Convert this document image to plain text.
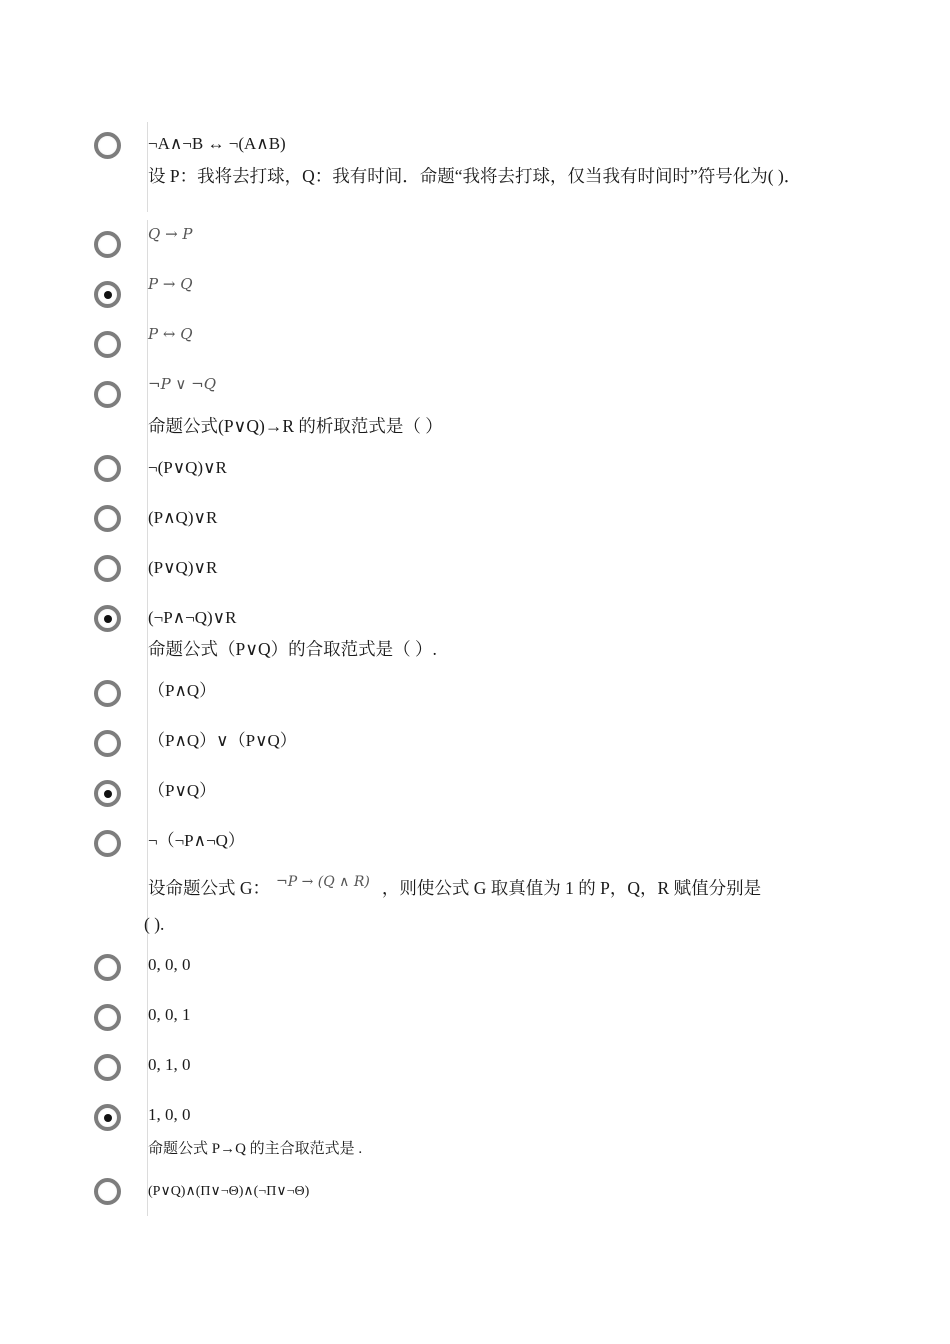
¬A∧¬B ↔ ¬(A∧B)
设 P：我将去打球，Q：我有时间．命题“我将去打球，仅当我有时间时”符号化为( )．
Q → P
P → Q
P ↔ Q
¬P ∨ ¬Q
命题公式(P∨Q)→R 的析取范式是（ ）
¬(P∨Q)∨R
(P∧Q)∨R
(P∨Q)∨R
(¬P∧¬Q)∨R
命题公式（P∨Q）的合取范式是（ ）.
（P∧Q）
（P∧Q）∨（P∨Q）
（P∨Q）
¬（¬P∧¬Q）
设命题公式 G： $^{\neg P \to (Q \wedge R)}$ ，则使公式 G 取真值为 1 的 P，Q，R 赋值分别是
( ).
0, 0, 0
0, 0, 1
0, 1, 0
1, 0, 0
命题公式 P→Q 的主合取范式是 .
(P∨Q)∧(Π∨¬Θ)∧(¬Π∨¬Θ)
